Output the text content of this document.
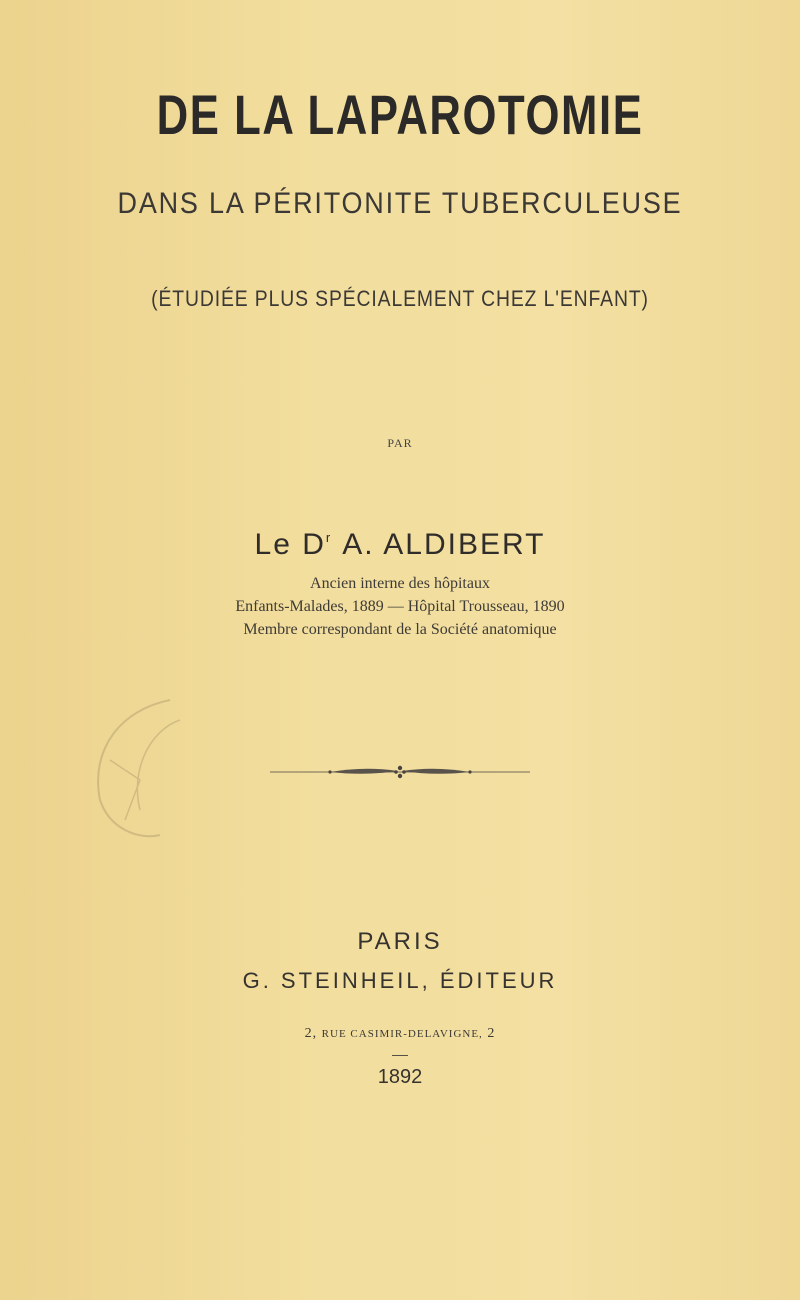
DE LA LAPAROTOMIE
DANS LA PÉRITONITE TUBERCULEUSE
(ÉTUDIÉE PLUS SPÉCIALEMENT CHEZ L'ENFANT)
PAR
Le $D^r$ A. ALDIBERT
Ancien interne des hôpitaux
Enfants-Malades, 1889 — Hôpital Trousseau, 1890
Membre correspondant de la Société anatomique
PARIS
G. STEINHEIL, ÉDITEUR
2, RUE CASIMIR-DELAVIGNE, 2
1892
